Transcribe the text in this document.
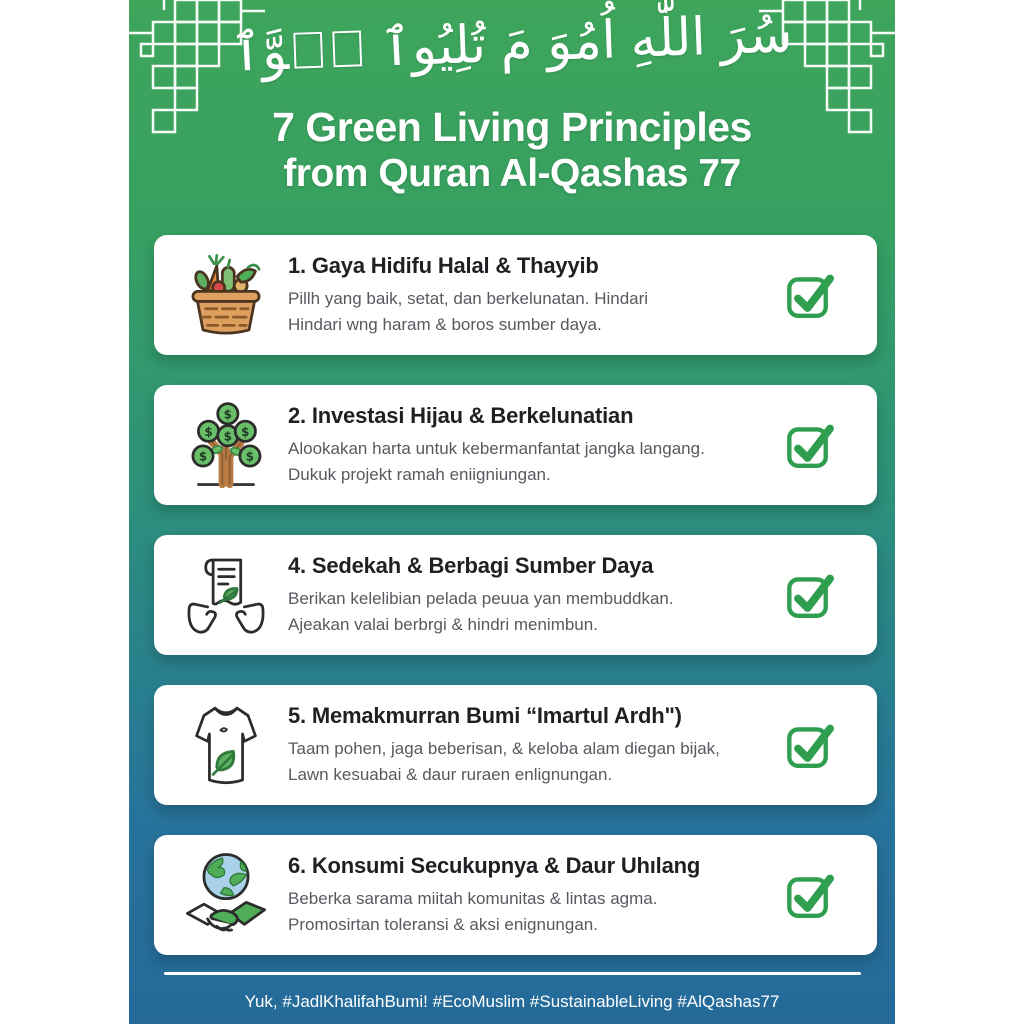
سُرَ اللّٰهِ اُمُوَ مَ تُلِيُوٱ لۡوَّٱ
7 Green Living Principles
from Quran Al-Qashas 77
1. Gaya Hidifu Halal & Thayyib
Pillh yang baik, setat, dan berkelunatan. Hindari
Hindari wng haram & boros sumber daya.
$
$ $ $
$	$
2. Investasi Hijau & Berkelunatian
Alookakan harta untuk kebermanfantat jangka langang.
Dukuk projekt ramah eniigniungan.
4. Sedekah & Berbagi Sumber Daya
Berikan kelelibian pelada peuua yan membuddkan.
Ajeakan valai berbrgi & hindri menimbun.
5. Memakmurran Bumi “Imartul Ardh")
Taam pohen, jaga beberisan, & keloba alam diegan bijak,
Lawn kesuabai & daur ruraen enlignungan.
6. Konsumi Secukupnya & Daur Uhılang
Beberka sarama miitah komunitas & lintas agma.
Promosirtan toleransi & aksi enignungan.
Yuk, #JadlKhalifahBumi! #EcoMuslim #SustainableLiving #AlQashas77
